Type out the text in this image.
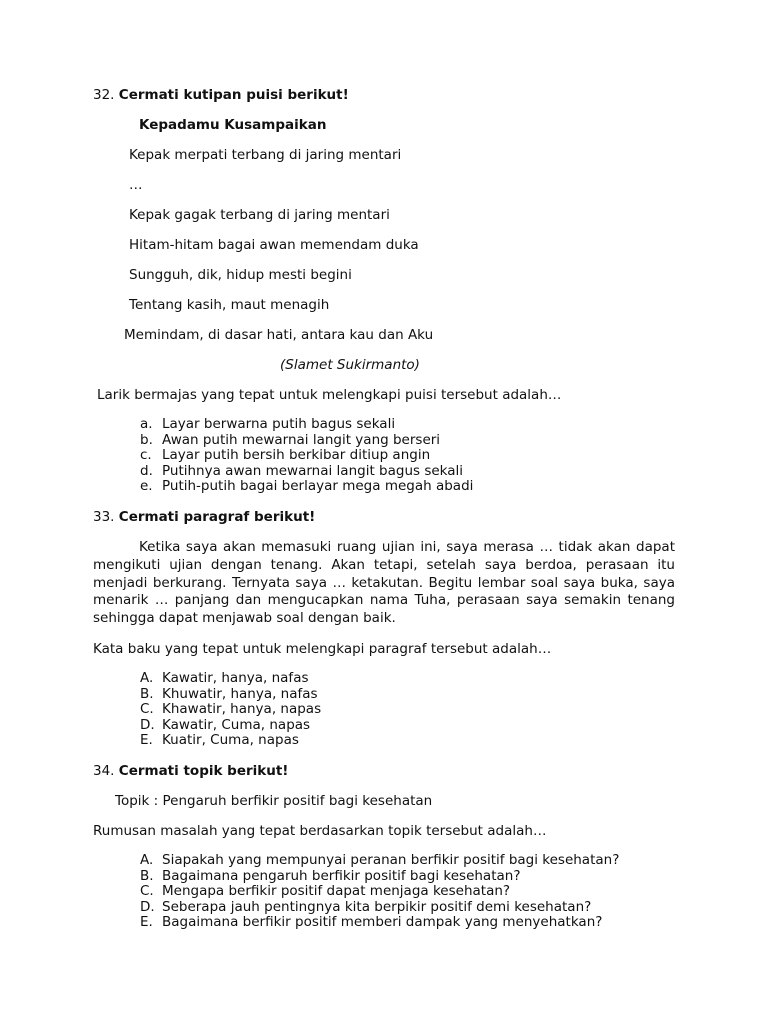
32. Cermati kutipan puisi berikut!
Kepadamu Kusampaikan
Kepak merpati terbang di jaring mentari
…
Kepak gagak terbang di jaring mentari
Hitam-hitam bagai awan memendam duka
Sungguh, dik, hidup mesti begini
Tentang kasih, maut menagih
Memindam, di dasar hati, antara kau dan Aku
(Slamet Sukirmanto)
Larik bermajas yang tepat untuk melengkapi puisi tersebut adalah…
a. Layar berwarna putih bagus sekali
b. Awan putih mewarnai langit yang berseri
c. Layar putih bersih berkibar ditiup angin
d. Putihnya awan mewarnai langit bagus sekali
e. Putih-putih bagai berlayar mega megah abadi
33. Cermati paragraf berikut!
Ketika saya akan memasuki ruang ujian ini, saya merasa … tidak akan dapat mengikuti ujian dengan tenang. Akan tetapi, setelah saya berdoa, perasaan itu menjadi berkurang. Ternyata saya … ketakutan. Begitu lembar soal saya buka, saya menarik … panjang dan mengucapkan nama Tuha, perasaan saya semakin tenang sehingga dapat menjawab soal dengan baik.
Kata baku yang tepat untuk melengkapi paragraf tersebut adalah…
A. Kawatir, hanya, nafas
B. Khuwatir, hanya, nafas
C. Khawatir, hanya, napas
D. Kawatir, Cuma, napas
E. Kuatir, Cuma, napas
34. Cermati topik berikut!
Topik : Pengaruh berfikir positif bagi kesehatan
Rumusan masalah yang tepat berdasarkan topik tersebut adalah…
A. Siapakah yang mempunyai peranan berfikir positif bagi kesehatan?
B. Bagaimana pengaruh berfikir positif bagi kesehatan?
C. Mengapa berfikir positif dapat menjaga kesehatan?
D. Seberapa jauh pentingnya kita berpikir positif demi kesehatan?
E. Bagaimana berfikir positif memberi dampak yang menyehatkan?
